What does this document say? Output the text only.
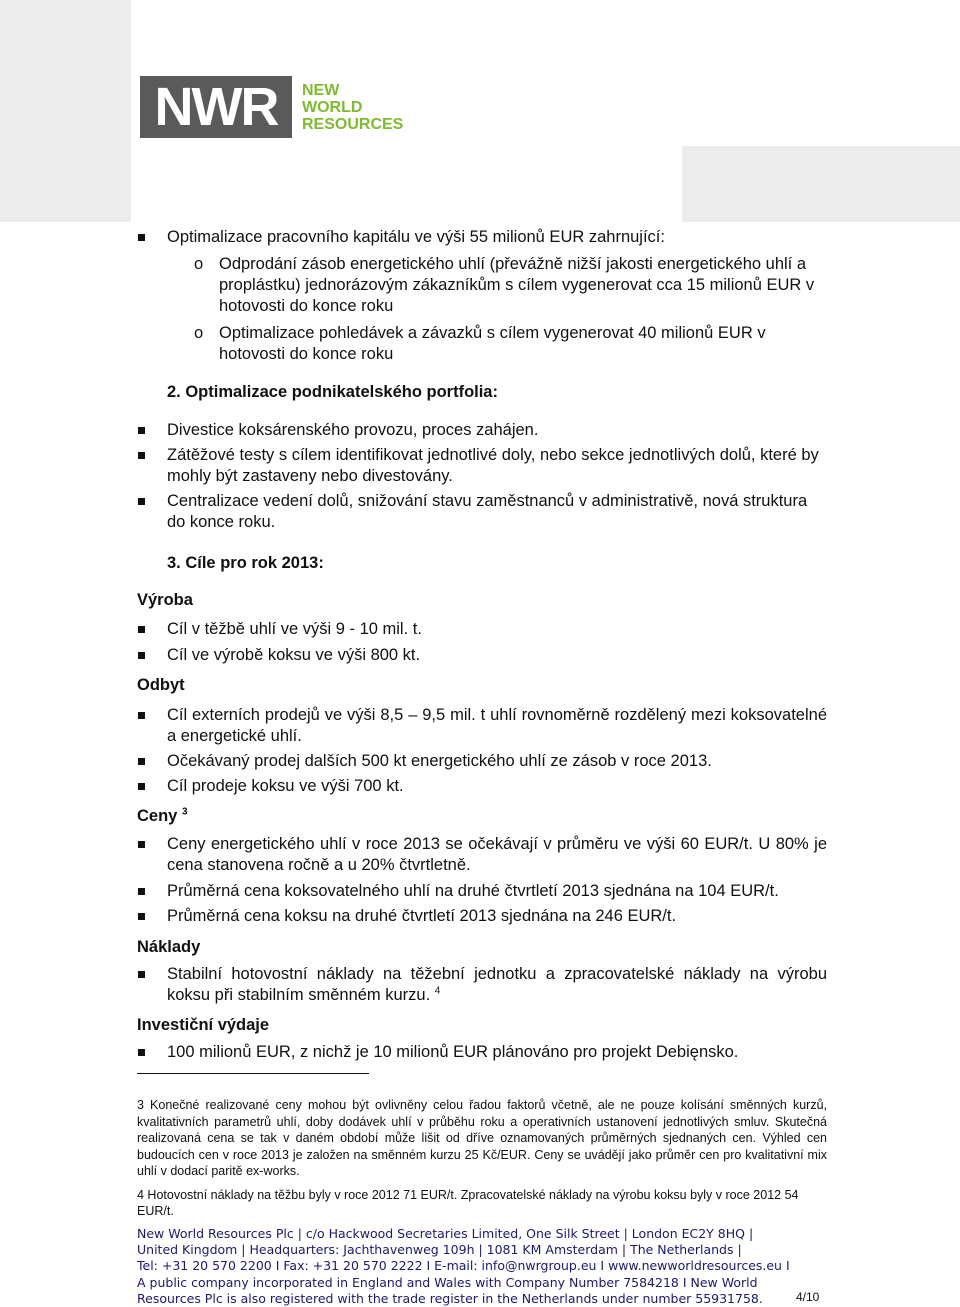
NWR NEW
WORLD
RESOURCES

Optimalizace pracovního kapitálu ve výši 55 milionů EUR zahrnující:

o Odprodání zásob energetického uhlí (převážně nižší jakosti energetického uhlí a proplástku) jednorázovým zákazníkům s cílem vygenerovat cca 15 milionů EUR v hotovosti do konce roku

o Optimalizace pohledávek a závazků s cílem vygenerovat 40 milionů EUR v hotovosti do konce roku

2. Optimalizace podnikatelského portfolia:

Divestice koksárenského provozu, proces zahájen.

Zátěžové testy s cílem identifikovat jednotlivé doly, nebo sekce jednotlivých dolů, které by mohly být zastaveny nebo divestovány.

Centralizace vedení dolů, snižování stavu zaměstnanců v administrativě, nová struktura do konce roku.

3. Cíle pro rok 2013:

Výroba

Cíl v těžbě uhlí ve výši 9 - 10 mil. t.

Cíl ve výrobě koksu ve výši 800 kt.

Odbyt

Cíl externích prodejů ve výši 8,5 – 9,5 mil. t uhlí rovnoměrně rozdělený mezi koksovatelné a energetické uhlí.

Očekávaný prodej dalších 500 kt energetického uhlí ze zásob v roce 2013.

Cíl prodeje koksu ve výši 700 kt.

Ceny $^3$

Ceny energetického uhlí v roce 2013 se očekávají v průměru ve výši 60 EUR/t. U 80% je cena stanovena ročně a u 20% čtvrtletně.

Průměrná cena koksovatelného uhlí na druhé čtvrtletí 2013 sjednána na 104 EUR/t.

Průměrná cena koksu na druhé čtvrtletí 2013 sjednána na 246 EUR/t.

Náklady

Stabilní hotovostní náklady na těžební jednotku a zpracovatelské náklady na výrobu koksu při stabilním směnném kurzu. $^4$

Investiční výdaje

100 milionů EUR, z nichž je 10 milionů EUR plánováno pro projekt Debięnsko.

3 Konečné realizované ceny mohou být ovlivněny celou řadou faktorů včetně, ale ne pouze kolísání směnných kurzů, kvalitativních parametrů uhlí, doby dodávek uhlí v průběhu roku a operativních ustanovení jednotlivých smluv. Skutečná realizovaná cena se tak v daném období může lišit od dříve oznamovaných průměrných sjednaných cen. Výhled cen budoucích cen v roce 2013 je založen na směnném kurzu 25 Kč/EUR. Ceny se uvádějí jako průměr cen pro kvalitativní mix uhlí v dodací paritě ex-works.

4 Hotovostní náklady na těžbu byly v roce 2012 71 EUR/t. Zpracovatelské náklady na výrobu koksu byly v roce 2012 54 EUR/t.

New World Resources Plc | c/o Hackwood Secretaries Limited, One Silk Street | London EC2Y 8HQ |

United Kingdom | Headquarters: Jachthavenweg 109h | 1081 KM Amsterdam | The Netherlands |

Tel: +31 20 570 2200 I Fax: +31 20 570 2222 I E-mail: info@nwrgroup.eu I www.newworldresources.eu I

A public company incorporated in England and Wales with Company Number 7584218 I New World

Resources Plc is also registered with the trade register in the Netherlands under number 55931758.	4/10
